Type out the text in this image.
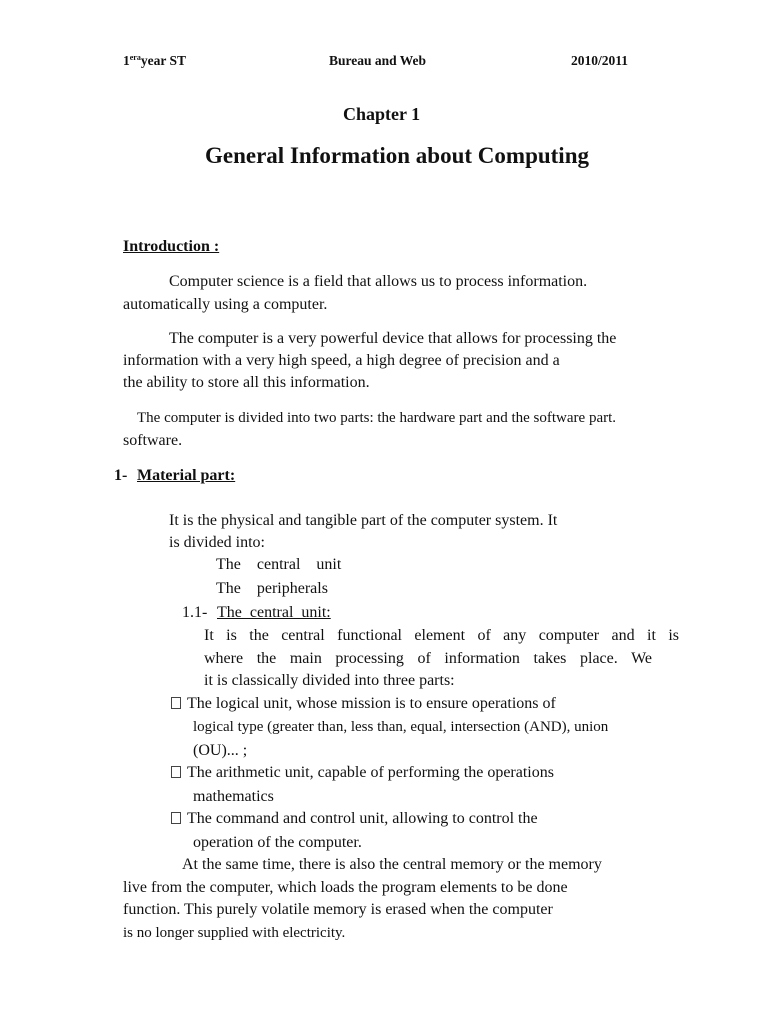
$1^{era}year$ ST	Bureau and Web	2010/2011
Chapter 1
General Information about Computing
Introduction :
Computer science is a field that allows us to process information.
automatically using a computer.
The computer is a very powerful device that allows for processing the
information with a very high speed, a high degree of precision and a
the ability to store all this information.
The computer is divided into two parts: the hardware part and the software part.
software.
1- Material part:
It is the physical and tangible part of the computer system. It
is divided into:
The    central    unit
The    peripherals
1.1- The  central  unit:
It is the central functional element of any computer and it is
where the main processing of information takes place. We
it is classically divided into three parts:
The logical unit, whose mission is to ensure operations of
logical type (greater than, less than, equal, intersection (AND), union
(OU)... ;
The arithmetic unit, capable of performing the operations
mathematics
The command and control unit, allowing to control the
operation of the computer.
At the same time, there is also the central memory or the memory
live from the computer, which loads the program elements to be done
function. This purely volatile memory is erased when the computer
is no longer supplied with electricity.
